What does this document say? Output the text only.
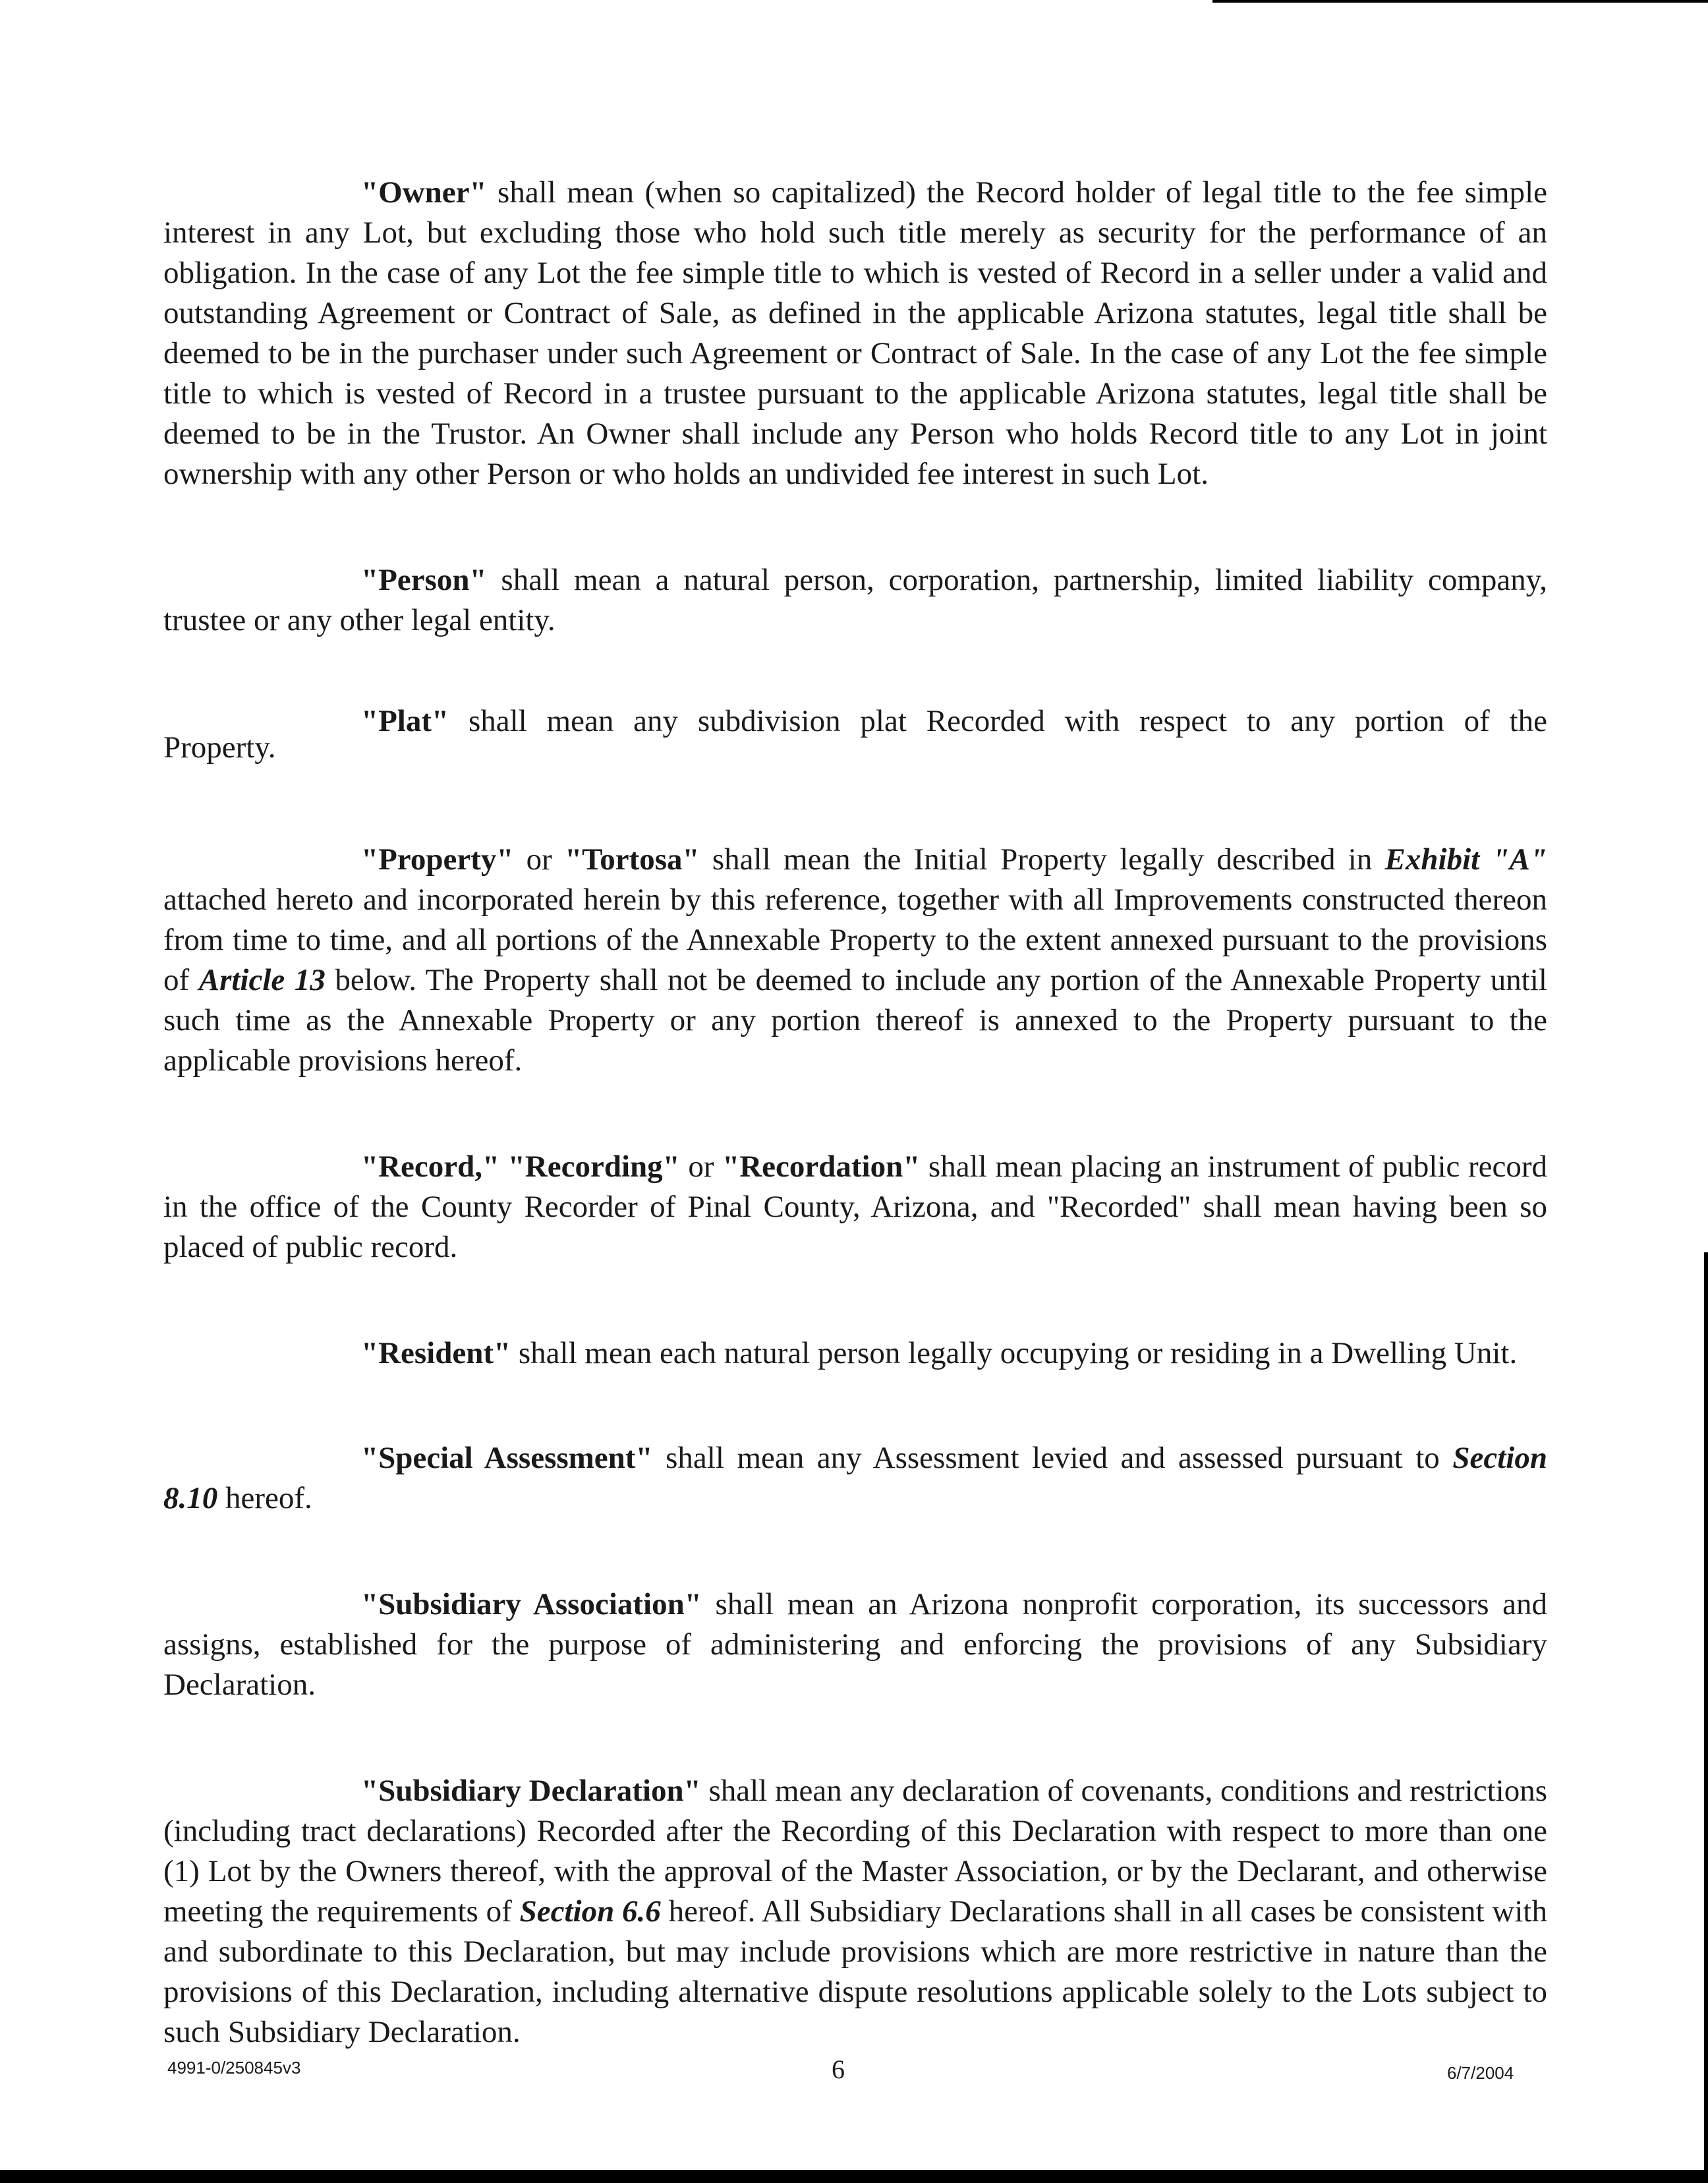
"Owner" shall mean (when so capitalized) the Record holder of legal title to the fee simple interest in any Lot, but excluding those who hold such title merely as security for the performance of an obligation. In the case of any Lot the fee simple title to which is vested of Record in a seller under a valid and outstanding Agreement or Contract of Sale, as defined in the applicable Arizona statutes, legal title shall be deemed to be in the purchaser under such Agreement or Contract of Sale. In the case of any Lot the fee simple title to which is vested of Record in a trustee pursuant to the applicable Arizona statutes, legal title shall be deemed to be in the Trustor. An Owner shall include any Person who holds Record title to any Lot in joint ownership with any other Person or who holds an undivided fee interest in such Lot.

"Person" shall mean a natural person, corporation, partnership, limited liability company, trustee or any other legal entity.

"Plat" shall mean any subdivision plat Recorded with respect to any portion of the
Property.

"Property" or "Tortosa" shall mean the Initial Property legally described in Exhibit "A" attached hereto and incorporated herein by this reference, together with all Improvements constructed thereon from time to time, and all portions of the Annexable Property to the extent annexed pursuant to the provisions of Article 13 below. The Property shall not be deemed to include any portion of the Annexable Property until such time as the Annexable Property or any portion thereof is annexed to the Property pursuant to the applicable provisions hereof.

"Record," "Recording" or "Recordation" shall mean placing an instrument of public record in the office of the County Recorder of Pinal County, Arizona, and "Recorded" shall mean having been so placed of public record.

"Resident" shall mean each natural person legally occupying or residing in a Dwelling Unit.

"Special Assessment" shall mean any Assessment levied and assessed pursuant to Section 8.10 hereof.

"Subsidiary Association" shall mean an Arizona nonprofit corporation, its successors and assigns, established for the purpose of administering and enforcing the provisions of any Subsidiary Declaration.

"Subsidiary Declaration" shall mean any declaration of covenants, conditions and restrictions (including tract declarations) Recorded after the Recording of this Declaration with respect to more than one (1) Lot by the Owners thereof, with the approval of the Master Association, or by the Declarant, and otherwise meeting the requirements of Section 6.6 hereof. All Subsidiary Declarations shall in all cases be consistent with and subordinate to this Declaration, but may include provisions which are more restrictive in nature than the provisions of this Declaration, including alternative dispute resolutions applicable solely to the Lots subject to such Subsidiary Declaration.

4991-0/250845v3	6	6/7/2004
